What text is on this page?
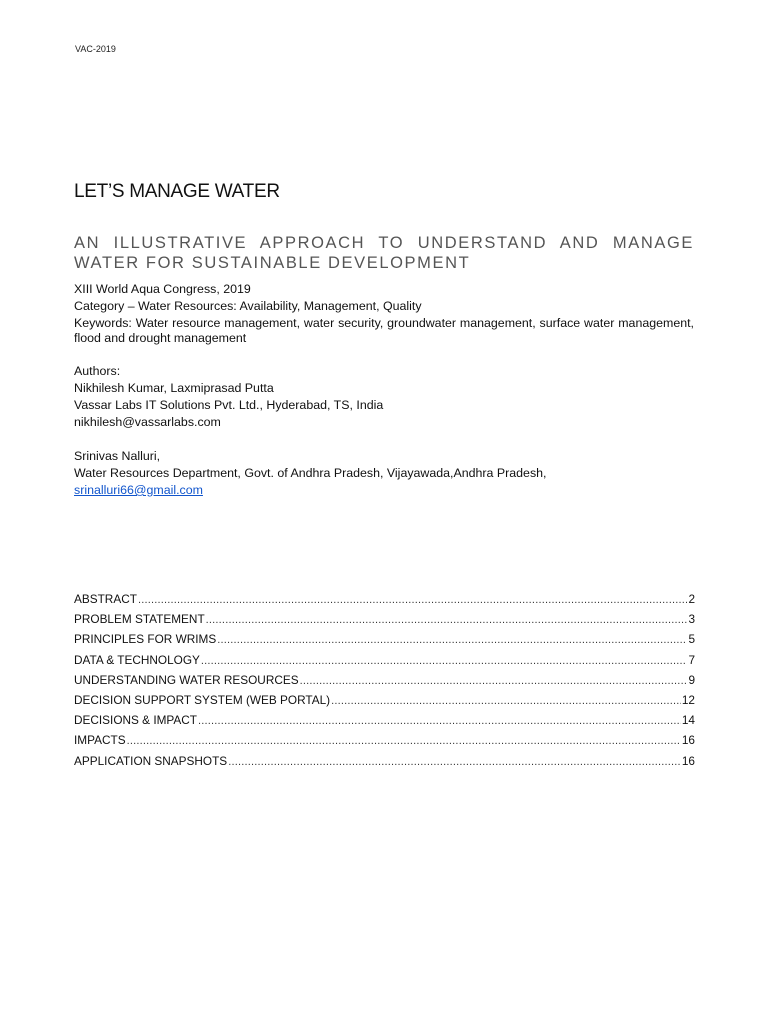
VAC-2019
LET’S MANAGE WATER
AN ILLUSTRATIVE APPROACH TO UNDERSTAND AND MANAGE WATER FOR SUSTAINABLE DEVELOPMENT
XIII World Aqua Congress, 2019
Category – Water Resources: Availability, Management, Quality
Keywords: Water resource management, water security, groundwater management, surface water management, flood and drought management
Authors:
Nikhilesh Kumar, Laxmiprasad Putta
Vassar Labs IT Solutions Pvt. Ltd., Hyderabad, TS, India
nikhilesh@vassarlabs.com
Srinivas Nalluri,
Water Resources Department, Govt. of Andhra Pradesh, Vijayawada,Andhra Pradesh,
srinalluri66@gmail.com
ABSTRACT .....	2
PROBLEM STATEMENT .....	3
PRINCIPLES FOR WRIMS .....	5
DATA & TECHNOLOGY .....	7
UNDERSTANDING WATER RESOURCES .....	9
DECISION SUPPORT SYSTEM (WEB PORTAL) .....	12
DECISIONS & IMPACT .....	14
IMPACTS .....	16
APPLICATION SNAPSHOTS .....	16
